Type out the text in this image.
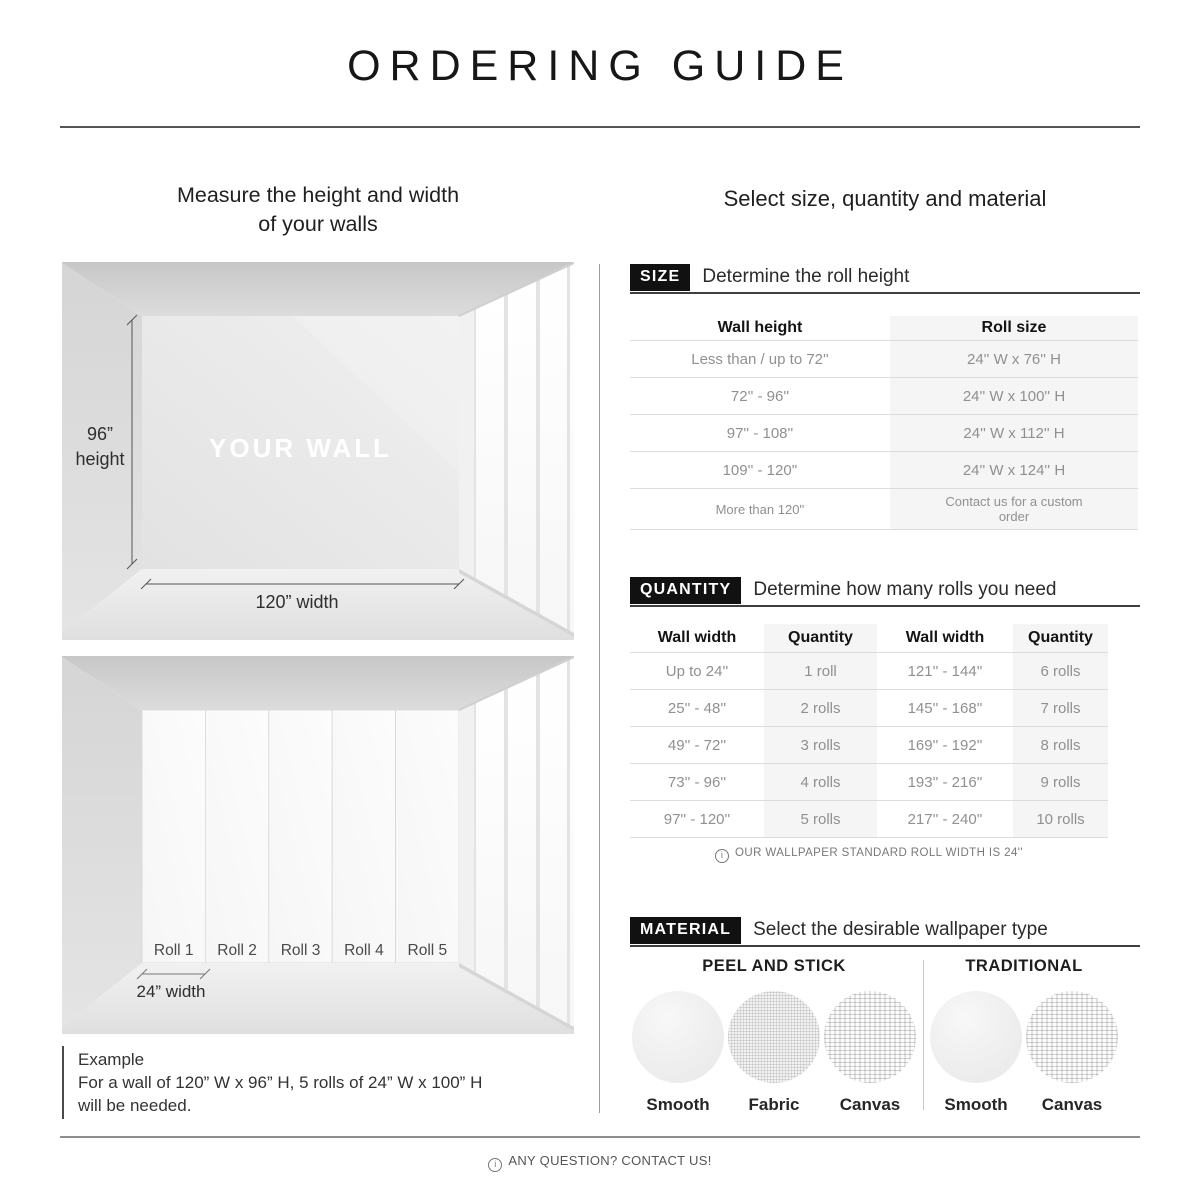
ORDERING GUIDE
Measure the height and width
of your walls
Select size, quantity and material
YOUR WALL
96”
height
120” width
Roll 1	Roll 2	Roll 3	Roll 4	Roll 5
24” width
Example
For a wall of 120” W x 96” H, 5 rolls of 24” W x 100” H
will be needed.
SIZE	Determine the roll height
Wall height	Roll size
Less than / up to 72''	24'' W x 76'' H
72'' - 96''	24'' W x 100'' H
97'' - 108''	24'' W x 112'' H
109'' - 120''	24'' W x 124'' H
More than 120''	Contact us for a custom order
QUANTITY	Determine how many rolls you need
Wall width	Quantity	Wall width	Quantity
Up to 24''	1 roll	121'' - 144''	6 rolls
25'' - 48''	2 rolls	145'' - 168''	7 rolls
49'' - 72''	3 rolls	169'' - 192''	8 rolls
73'' - 96''	4 rolls	193'' - 216''	9 rolls
97'' - 120''	5 rolls	217'' - 240''	10 rolls
i OUR WALLPAPER STANDARD ROLL WIDTH IS 24''
MATERIAL	Select the desirable wallpaper type
PEEL AND STICK
Smooth Fabric Canvas
TRADITIONAL
Smooth Canvas
i ANY QUESTION? CONTACT US!
